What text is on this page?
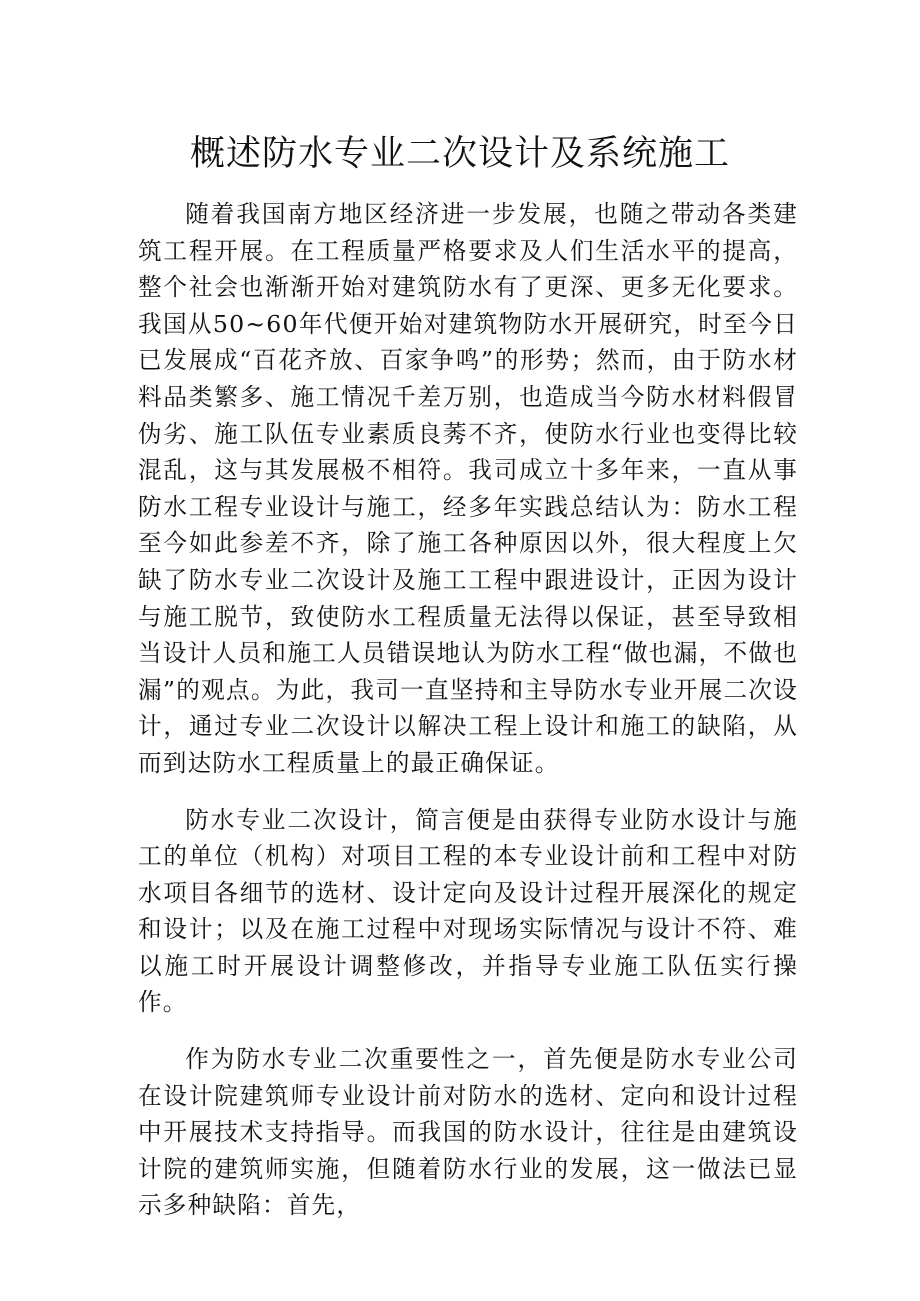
概述防水专业二次设计及系统施工

随着我国南方地区经济进一步发展，也随之带动各类建筑工程开展。在工程质量严格要求及人们生活水平的提高，整个社会也渐渐开始对建筑防水有了更深、更多无化要求。我国从50~60年代便开始对建筑物防水开展研究，时至今日已发展成“百花齐放、百家争鸣”的形势；然而，由于防水材料品类繁多、施工情况千差万别，也造成当今防水材料假冒伪劣、施工队伍专业素质良莠不齐，使防水行业也变得比较混乱，这与其发展极不相符。我司成立十多年来，一直从事防水工程专业设计与施工，经多年实践总结认为：防水工程至今如此参差不齐，除了施工各种原因以外，很大程度上欠缺了防水专业二次设计及施工工程中跟进设计，正因为设计与施工脱节，致使防水工程质量无法得以保证，甚至导致相当设计人员和施工人员错误地认为防水工程“做也漏，不做也漏”的观点。为此，我司一直坚持和主导防水专业开展二次设计，通过专业二次设计以解决工程上设计和施工的缺陷，从而到达防水工程质量上的最正确保证。

防水专业二次设计，简言便是由获得专业防水设计与施工的单位（机构）对项目工程的本专业设计前和工程中对防水项目各细节的选材、设计定向及设计过程开展深化的规定和设计；以及在施工过程中对现场实际情况与设计不符、难以施工时开展设计调整修改，并指导专业施工队伍实行操作。

作为防水专业二次重要性之一，首先便是防水专业公司在设计院建筑师专业设计前对防水的选材、定向和设计过程中开展技术支持指导。而我国的防水设计，往往是由建筑设计院的建筑师实施，但随着防水行业的发展，这一做法已显示多种缺陷：首先，
